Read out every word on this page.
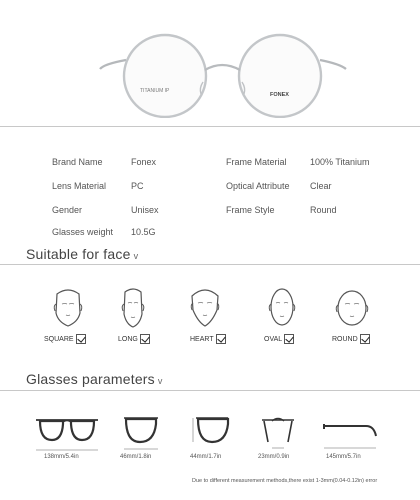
TITANIUM IP
FONEX
Brand Name	Fonex	Frame Material	100% Titanium
Lens Material	PC	Optical Attribute Clear
Gender	Unisex	Frame Style	Round
Glasses weight 10.5G
Suitable for face v
SQUARE	LONG	HEART	OVAL	ROUND
Glasses parameters v
138mm/5.4in	46mm/1.8in	44mm/1.7in	23mm/0.9in	145mm/5.7in
Due to different measurement methods,there exist 1-3mm(0.04-0.12in) error
